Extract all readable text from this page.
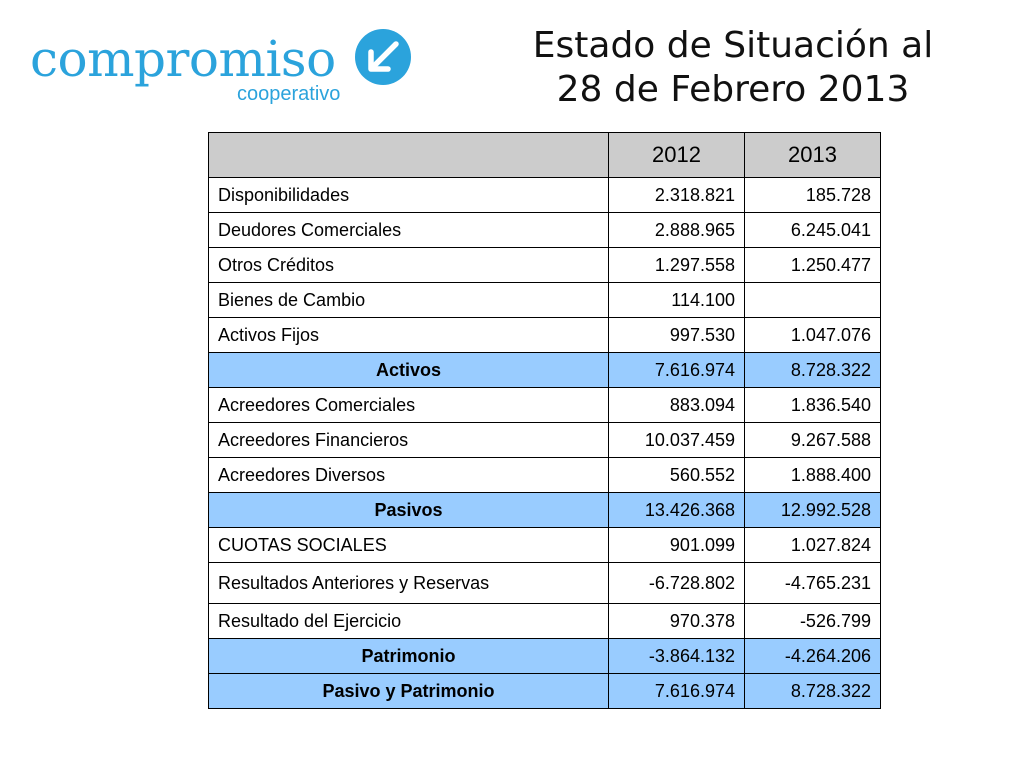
compromiso
cooperativo
Estado de Situación al
28 de Febrero 2013
	2012	2013
Disponibilidades	2.318.821	185.728
Deudores Comerciales	2.888.965	6.245.041
Otros Créditos	1.297.558	1.250.477
Bienes de Cambio	114.100	
Activos Fijos	997.530	1.047.076
Activos	7.616.974	8.728.322
Acreedores Comerciales	883.094	1.836.540
Acreedores Financieros	10.037.459	9.267.588
Acreedores Diversos	560.552	1.888.400
Pasivos	13.426.368	12.992.528
CUOTAS SOCIALES	901.099	1.027.824
Resultados Anteriores y Reservas	-6.728.802	-4.765.231
Resultado del Ejercicio	970.378	-526.799
Patrimonio	-3.864.132	-4.264.206
Pasivo y Patrimonio	7.616.974	8.728.322
